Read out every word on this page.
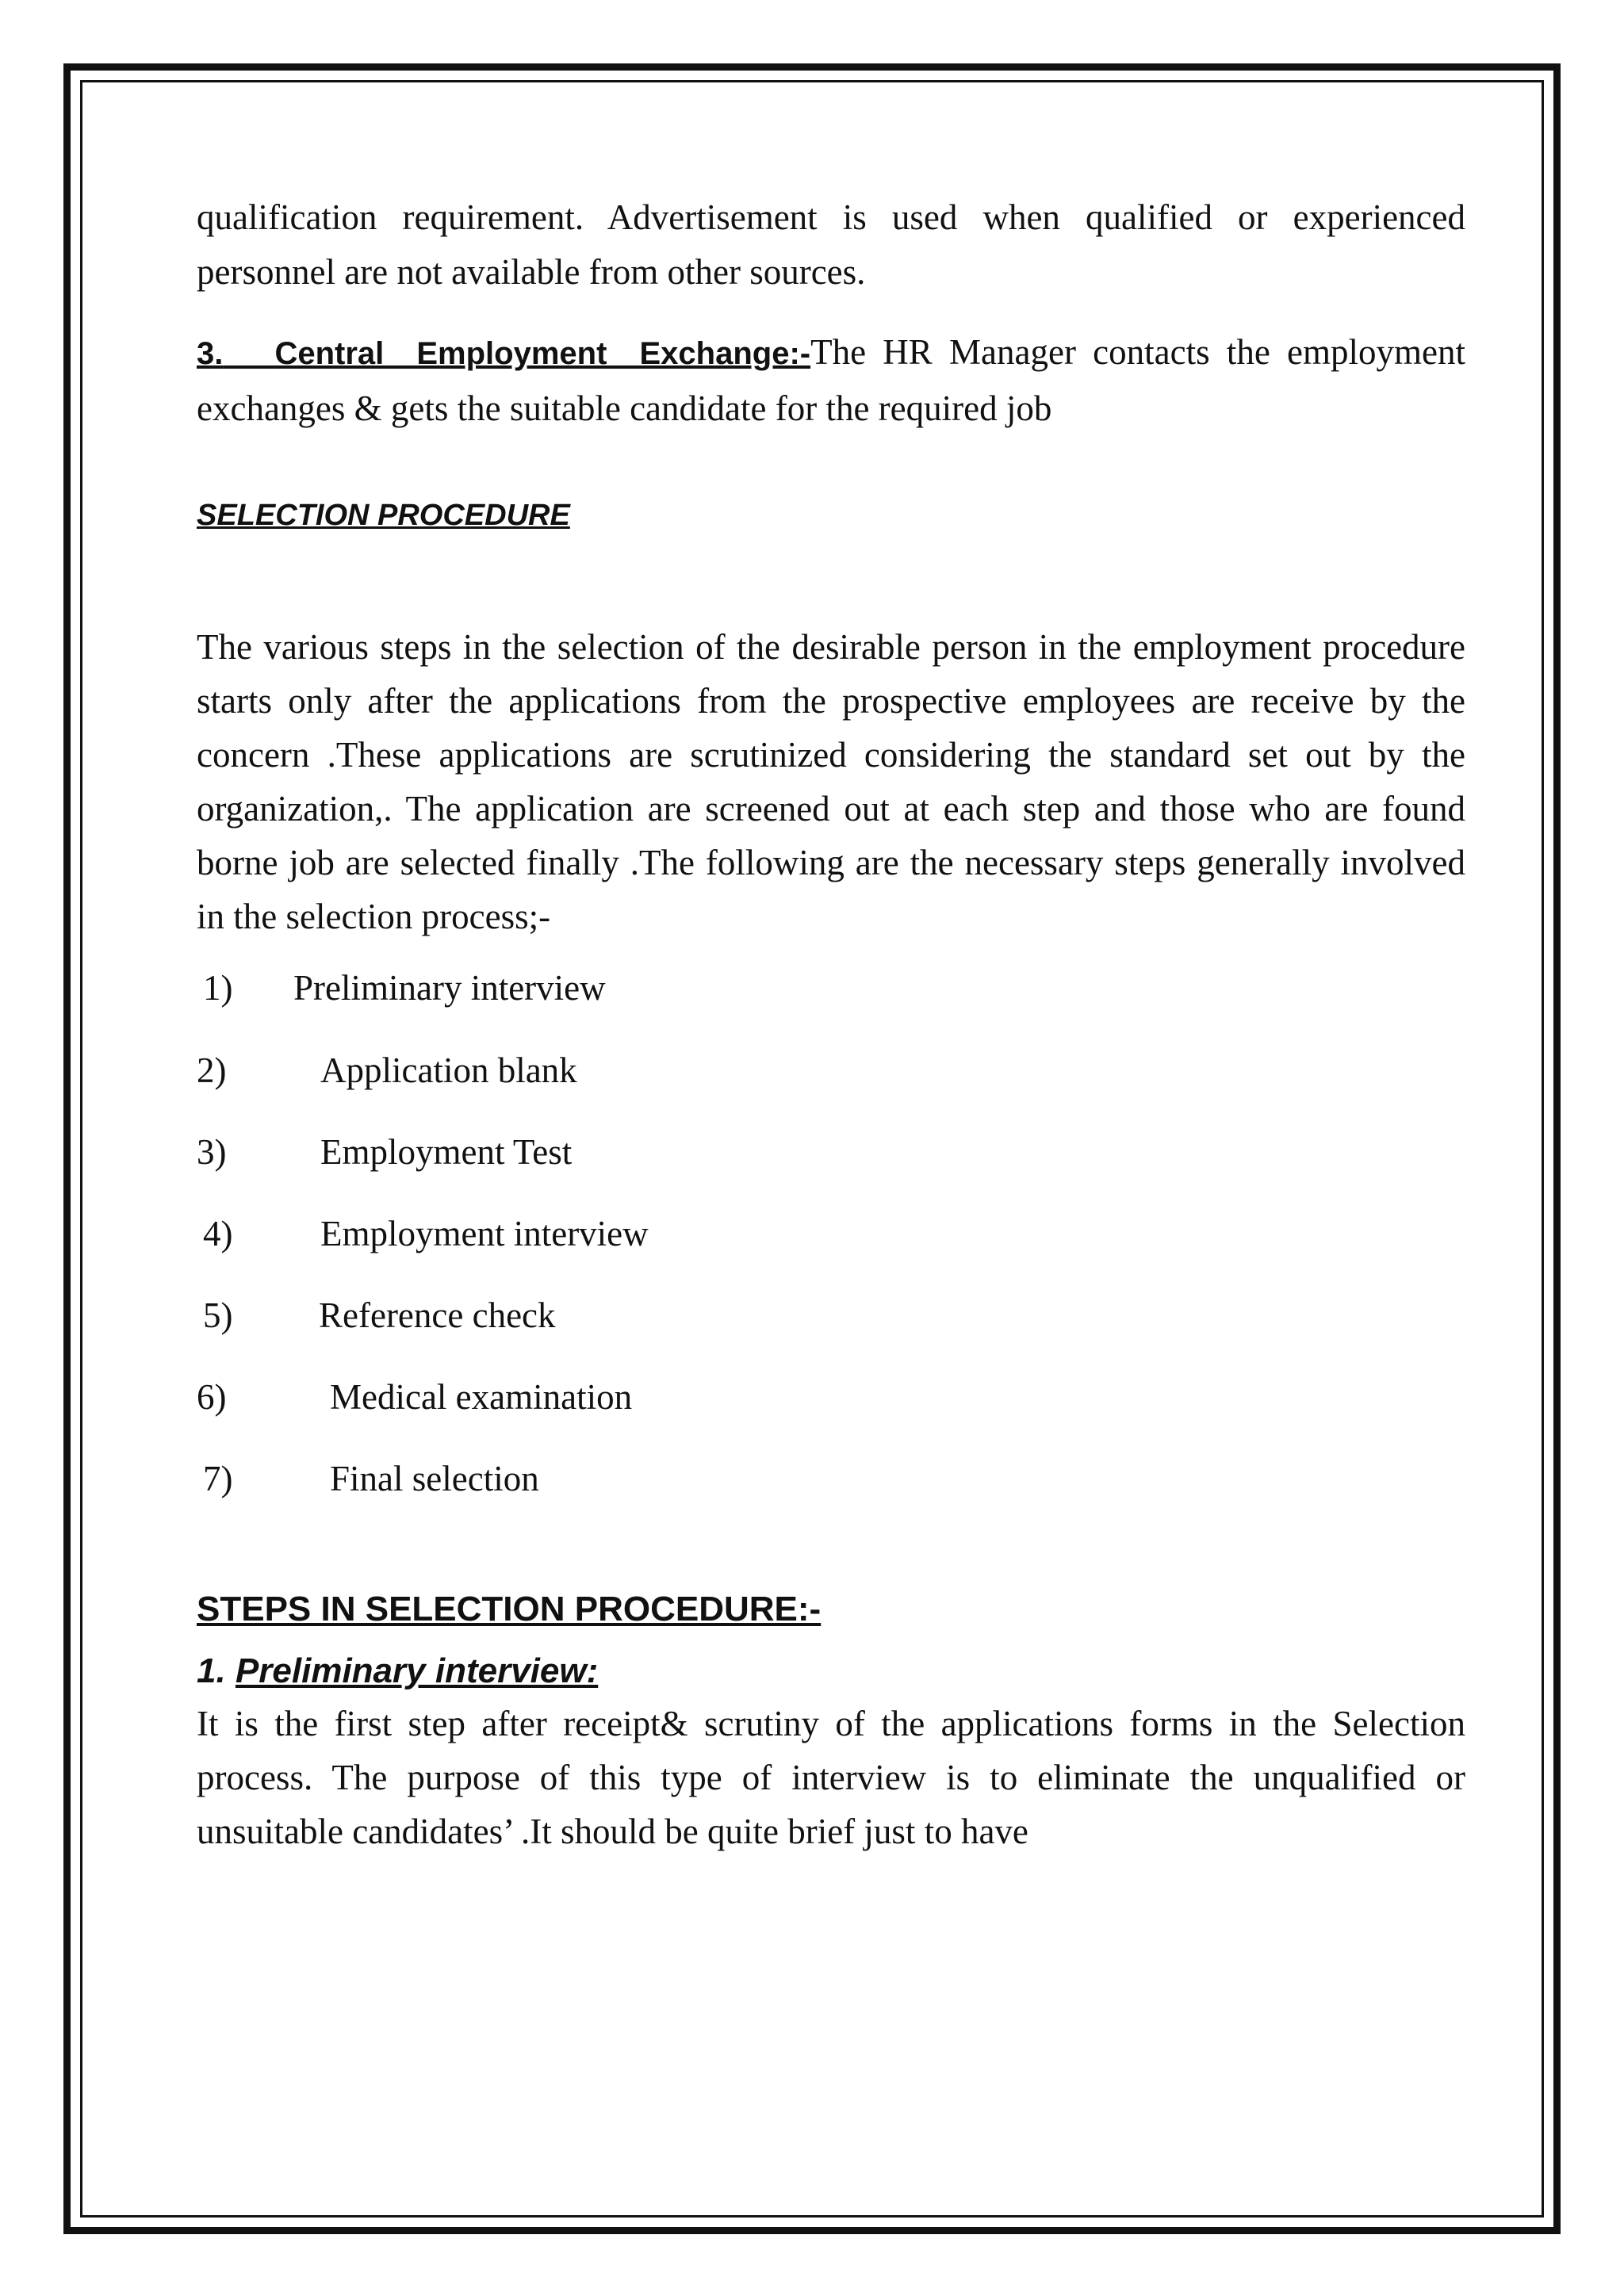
qualification requirement. Advertisement is used when qualified or experienced personnel are not available from other sources.

3. Central Employment Exchange:-The HR Manager contacts the employment exchanges & gets the suitable candidate for the required job

SELECTION PROCEDURE

The various steps in the selection of the desirable person in the employment procedure starts only after the applications from the prospective employees are receive by the concern .These applications are scrutinized considering the standard set out by the organization,. The application are screened out at each step and those who are found borne job are selected finally .The following are the necessary steps generally involved in the selection process;-

1) Preliminary interview
2)	Application blank
3)	Employment Test
4) Employment interview
5) Reference check
6)	Medical examination
7)	Final selection
STEPS IN SELECTION PROCEDURE:-
1. Preliminary interview:

It is the first step after receipt& scrutiny of the applications forms in the Selection process. The purpose of this type of interview is to eliminate the unqualified or unsuitable candidates’ .It should be quite brief just to have
